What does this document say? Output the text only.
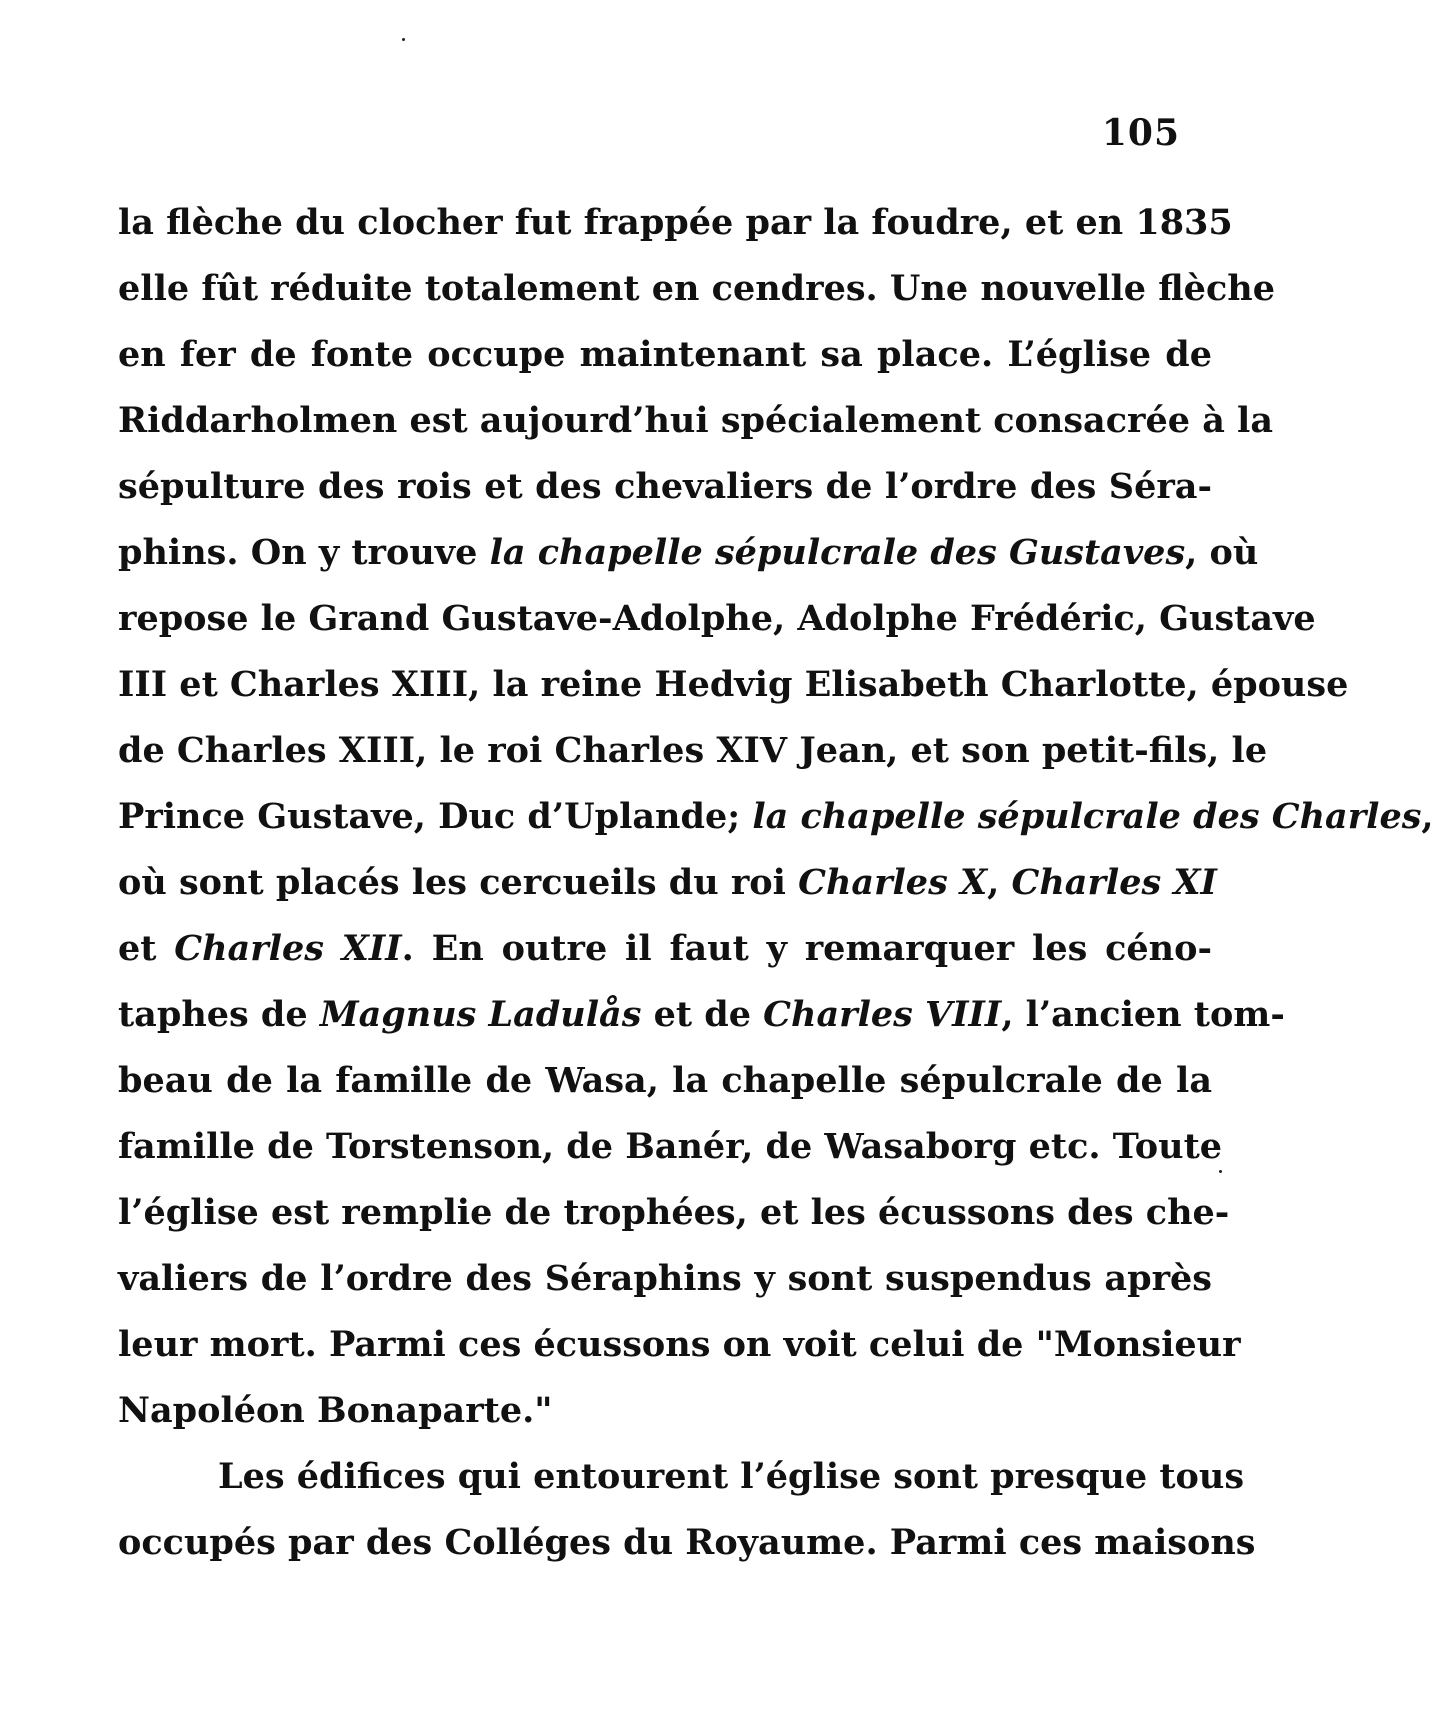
105
la flèche du clocher fut frappée par la foudre, et en 1835
elle fût réduite totalement en cendres. Une nouvelle flèche
en fer de fonte occupe maintenant sa place. L’église de
Riddarholmen est aujourd’hui spécialement consacrée à la
sépulture des rois et des chevaliers de l’ordre des Séra-
phins. On y trouve la chapelle sépulcrale des Gustaves, où
repose le Grand Gustave-Adolphe, Adolphe Frédéric, Gustave
III et Charles XIII, la reine Hedvig Elisabeth Charlotte, épouse
de Charles XIII, le roi Charles XIV Jean, et son petit-fils, le
Prince Gustave, Duc d’Uplande; la chapelle sépulcrale des Charles,
où sont placés les cercueils du roi Charles X, Charles XI
et Charles XII. En outre il faut y remarquer les céno-
taphes de Magnus Ladulås et de Charles VIII, l’ancien tom-
beau de la famille de Wasa, la chapelle sépulcrale de la
famille de Torstenson, de Banér, de Wasaborg etc. Toute
l’église est remplie de trophées, et les écussons des che-
valiers de l’ordre des Séraphins y sont suspendus après
leur mort. Parmi ces écussons on voit celui de "Monsieur
Napoléon Bonaparte."
Les édifices qui entourent l’église sont presque tous
occupés par des Colléges du Royaume. Parmi ces maisons
